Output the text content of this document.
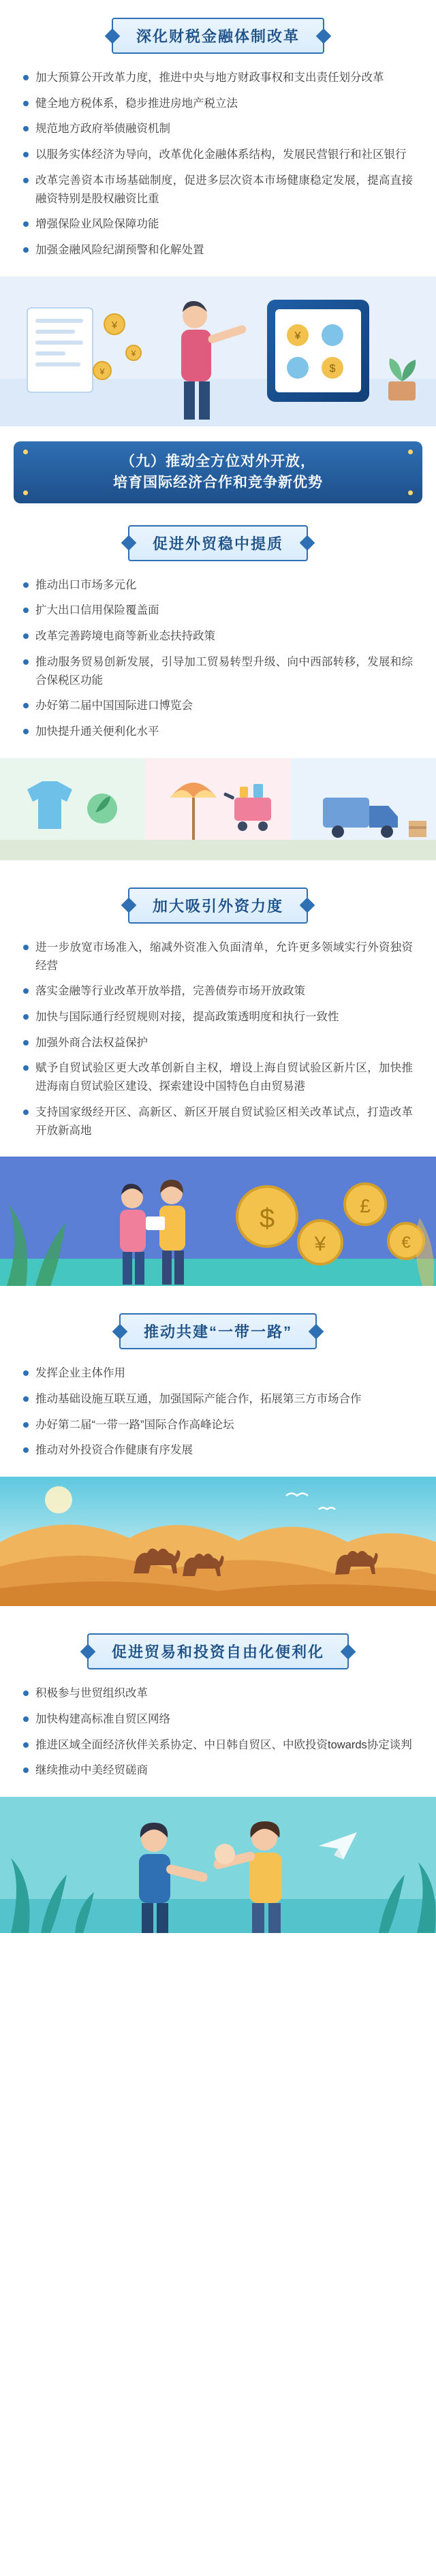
深化财税金融体制改革
加大预算公开改革力度，推进中央与地方财政事权和支出责任划分改革
健全地方税体系，稳步推进房地产税立法
规范地方政府举债融资机制
以服务实体经济为导向，改革优化金融体系结构，发展民营银行和社区银行
改革完善资本市场基础制度，促进多层次资本市场健康稳定发展，提高直接融资特别是股权融资比重
增强保险业风险保障功能
加强金融风险纪湖预警和化解处置
¥
¥
¥
¥
$
（九）推动全方位对外开放，
培育国际经济合作和竞争新优势
促进外贸稳中提质
推动出口市场多元化
扩大出口信用保险覆盖面
改革完善跨境电商等新业态扶持政策
推动服务贸易创新发展，引导加工贸易转型升级、向中西部转移，发展和综合保税区功能
办好第二届中国国际进口博览会
加快提升通关便利化水平
加大吸引外资力度
进一步放宽市场准入，缩减外资准入负面清单，允许更多领域实行外资独资经营
落实金融等行业改革开放举措，完善债券市场开放政策
加快与国际通行经贸规则对接，提高政策透明度和执行一致性
加强外商合法权益保护
赋予自贸试验区更大改革创新自主权，增设上海自贸试验区新片区，加快推进海南自贸试验区建设、探索建设中国特色自由贸易港
支持国家级经开区、高新区、新区开展自贸试验区相关改革试点，打造改革开放新高地
$
¥
£
€
推动共建“一带一路”
发挥企业主体作用
推动基础设施互联互通，加强国际产能合作，拓展第三方市场合作
办好第二届“一带一路”国际合作高峰论坛
推动对外投资合作健康有序发展
促进贸易和投资自由化便利化
积极参与世贸组织改革
加快构建高标准自贸区网络
推进区域全面经济伙伴关系协定、中日韩自贸区、中欧投资towards协定谈判
继续推动中美经贸磋商
